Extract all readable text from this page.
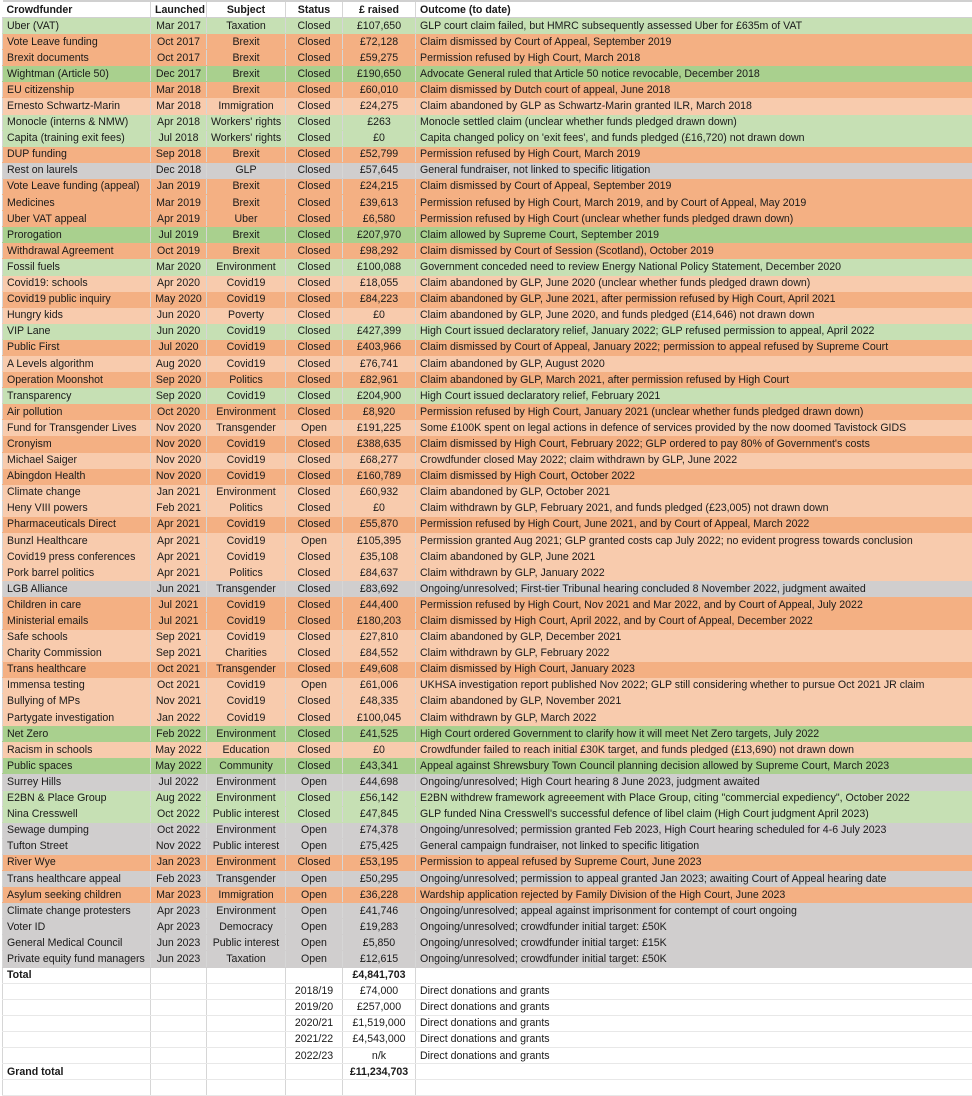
Crowdfunder	Launched	Subject	Status	£ raised	Outcome (to date)
Uber (VAT)	Mar 2017	Taxation	Closed	£107,650	GLP court claim failed, but HMRC subsequently assessed Uber for £635m of VAT
Vote Leave funding	Oct 2017	Brexit	Closed	£72,128	Claim dismissed by Court of Appeal, September 2019
Brexit documents	Oct 2017	Brexit	Closed	£59,275	Permission refused by High Court, March 2018
Wightman (Article 50)	Dec 2017	Brexit	Closed	£190,650	Advocate General ruled that Article 50 notice revocable, December 2018
EU citizenship	Mar 2018	Brexit	Closed	£60,010	Claim dismissed by Dutch court of appeal, June 2018
Ernesto Schwartz-Marin	Mar 2018	Immigration	Closed	£24,275	Claim abandoned by GLP as Schwartz-Marin granted ILR, March 2018
Monocle (interns & NMW)	Apr 2018	Workers' rights	Closed	£263	Monocle settled claim (unclear whether funds pledged drawn down)
Capita (training exit fees)	Jul 2018	Workers' rights	Closed	£0	Capita changed policy on 'exit fees', and funds pledged (£16,720) not drawn down
DUP funding	Sep 2018	Brexit	Closed	£52,799	Permission refused by High Court, March 2019
Rest on laurels	Dec 2018	GLP	Closed	£57,645	General fundraiser, not linked to specific litigation
Vote Leave funding (appeal)	Jan 2019	Brexit	Closed	£24,215	Claim dismissed by Court of Appeal, September 2019
Medicines	Mar 2019	Brexit	Closed	£39,613	Permission refused by High Court, March 2019, and by Court of Appeal, May 2019
Uber VAT appeal	Apr 2019	Uber	Closed	£6,580	Permission refused by High Court (unclear whether funds pledged drawn down)
Prorogation	Jul 2019	Brexit	Closed	£207,970	Claim allowed by Supreme Court, September 2019
Withdrawal Agreement	Oct 2019	Brexit	Closed	£98,292	Claim dismissed by Court of Session (Scotland), October 2019
Fossil fuels	Mar 2020	Environment	Closed	£100,088	Government conceded need to review Energy National Policy Statement, December 2020
Covid19: schools	Apr 2020	Covid19	Closed	£18,055	Claim abandoned by GLP, June 2020 (unclear whether funds pledged drawn down)
Covid19 public inquiry	May 2020	Covid19	Closed	£84,223	Claim abandoned by GLP, June 2021, after permission refused by High Court, April 2021
Hungry kids	Jun 2020	Poverty	Closed	£0	Claim abandoned by GLP, June 2020, and funds pledged (£14,646) not drawn down
VIP Lane	Jun 2020	Covid19	Closed	£427,399	High Court issued declaratory relief, January 2022; GLP refused permission to appeal, April 2022
Public First	Jul 2020	Covid19	Closed	£403,966	Claim dismissed by Court of Appeal, January 2022; permission to appeal refused by Supreme Court
A Levels algorithm	Aug 2020	Covid19	Closed	£76,741	Claim abandoned by GLP, August 2020
Operation Moonshot	Sep 2020	Politics	Closed	£82,961	Claim abandoned by GLP, March 2021, after permission refused by High Court
Transparency	Sep 2020	Covid19	Closed	£204,900	High Court issued declaratory relief, February 2021
Air pollution	Oct 2020	Environment	Closed	£8,920	Permission refused by High Court, January 2021 (unclear whether funds pledged drawn down)
Fund for Transgender Lives	Nov 2020	Transgender	Open	£191,225	Some £100K spent on legal actions in defence of services provided by the now doomed Tavistock GIDS
Cronyism	Nov 2020	Covid19	Closed	£388,635	Claim dismissed by High Court, February 2022; GLP ordered to pay 80% of Government's costs
Michael Saiger	Nov 2020	Covid19	Closed	£68,277	Crowdfunder closed May 2022; claim withdrawn by GLP, June 2022
Abingdon Health	Nov 2020	Covid19	Closed	£160,789	Claim dismissed by High Court, October 2022
Climate change	Jan 2021	Environment	Closed	£60,932	Claim abandoned by GLP, October 2021
Heny VIII powers	Feb 2021	Politics	Closed	£0	Claim withdrawn by GLP, February 2021, and funds pledged (£23,005) not drawn down
Pharmaceuticals Direct	Apr 2021	Covid19	Closed	£55,870	Permission refused by High Court, June 2021, and by Court of Appeal, March 2022
Bunzl Healthcare	Apr 2021	Covid19	Open	£105,395	Permission granted Aug 2021; GLP granted costs cap July 2022; no evident progress towards conclusion
Covid19 press conferences	Apr 2021	Covid19	Closed	£35,108	Claim abandoned by GLP, June 2021
Pork barrel politics	Apr 2021	Politics	Closed	£84,637	Claim withdrawn by GLP, January 2022
LGB Alliance	Jun 2021	Transgender	Closed	£83,692	Ongoing/unresolved; First-tier Tribunal hearing concluded 8 November 2022, judgment awaited
Children in care	Jul 2021	Covid19	Closed	£44,400	Permission refused by High Court, Nov 2021 and Mar 2022, and by Court of Appeal, July 2022
Ministerial emails	Jul 2021	Covid19	Closed	£180,203	Claim dismissed by High Court, April 2022, and by Court of Appeal, December 2022
Safe schools	Sep 2021	Covid19	Closed	£27,810	Claim abandoned by GLP, December 2021
Charity Commission	Sep 2021	Charities	Closed	£84,552	Claim withdrawn by GLP, February 2022
Trans healthcare	Oct 2021	Transgender	Closed	£49,608	Claim dismissed by High Court, January 2023
Immensa testing	Oct 2021	Covid19	Open	£61,006	UKHSA investigation report published Nov 2022; GLP still considering whether to pursue Oct 2021 JR claim
Bullying of MPs	Nov 2021	Covid19	Closed	£48,335	Claim abandoned by GLP, November 2021
Partygate investigation	Jan 2022	Covid19	Closed	£100,045	Claim withdrawn by GLP, March 2022
Net Zero	Feb 2022	Environment	Closed	£41,525	High Court ordered Government to clarify how it will meet Net Zero targets, July 2022
Racism in schools	May 2022	Education	Closed	£0	Crowdfunder failed to reach initial £30K target, and funds pledged (£13,690) not drawn down
Public spaces	May 2022	Community	Closed	£43,341	Appeal against Shrewsbury Town Council planning decision allowed by Supreme Court, March 2023
Surrey Hills	Jul 2022	Environment	Open	£44,698	Ongoing/unresolved; High Court hearing 8 June 2023, judgment awaited
E2BN & Place Group	Aug 2022	Environment	Closed	£56,142	E2BN withdrew framework agreeement with Place Group, citing "commercial expediency", October 2022
Nina Cresswell	Oct 2022	Public interest	Closed	£47,845	GLP funded Nina Cresswell's successful defence of libel claim (High Court judgment April 2023)
Sewage dumping	Oct 2022	Environment	Open	£74,378	Ongoing/unresolved; permission granted Feb 2023, High Court hearing scheduled for 4-6 July 2023
Tufton Street	Nov 2022	Public interest	Open	£75,425	General campaign fundraiser, not linked to specific litigation
River Wye	Jan 2023	Environment	Closed	£53,195	Permission to appeal refused by Supreme Court, June 2023
Trans healthcare appeal	Feb 2023	Transgender	Open	£50,295	Ongoing/unresolved; permission to appeal granted Jan 2023; awaiting Court of Appeal hearing date
Asylum seeking children	Mar 2023	Immigration	Open	£36,228	Wardship application rejected by Family Division of the High Court, June 2023
Climate change protesters	Apr 2023	Environment	Open	£41,746	Ongoing/unresolved; appeal against imprisonment for contempt of court ongoing
Voter ID	Apr 2023	Democracy	Open	£19,283	Ongoing/unresolved; crowdfunder initial target: £50K
General Medical Council	Jun 2023	Public interest	Open	£5,850	Ongoing/unresolved; crowdfunder initial target: £15K
Private equity fund managers	Jun 2023	Taxation	Open	£12,615	Ongoing/unresolved; crowdfunder initial target: £50K
Total				£4,841,703	
			2018/19	£74,000	Direct donations and grants
			2019/20	£257,000	Direct donations and grants
			2020/21	£1,519,000	Direct donations and grants
			2021/22	£4,543,000	Direct donations and grants
			2022/23	n/k	Direct donations and grants
Grand total				£11,234,703	
